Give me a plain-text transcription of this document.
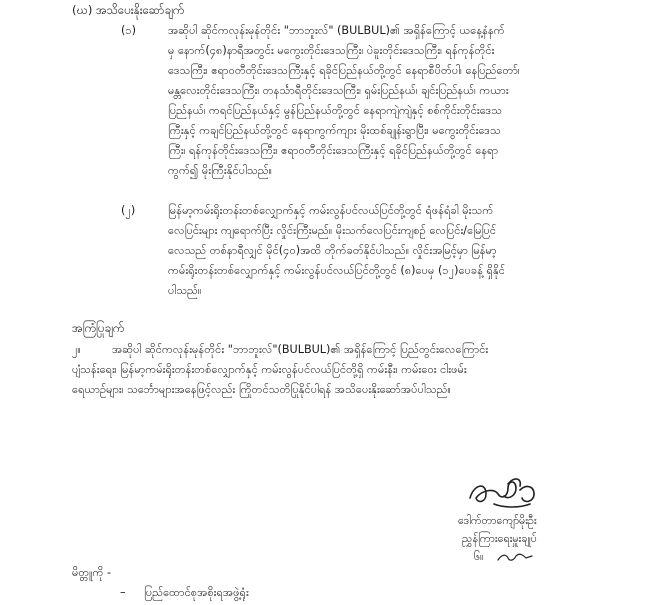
(ဃ) အသိပေးနိုးဆော်ချက်
(၁)	အဆိုပါ ဆိုင်ကလုန်းမုန်တိုင်း "ဘာဘူးလ်" (BULBUL)၏ အရှိန်ကြောင့် ယနေ့နံနက်
မှ နောက်(၄၈)နာရီအတွင်း မကွေးတိုင်းဒေသကြီး၊ ပဲခူးတိုင်းဒေသကြီး၊ ရန်ကုန်တိုင်း
ဒေသကြီး၊ ဧရာဝတီတိုင်းဒေသကြီးနှင့် ရခိုင်ပြည်နယ်တို့တွင် နေရာစီပိတ်ပါ၊ နေပြည်တော်၊
မန္တလေးတိုင်းဒေသကြီး၊ တနင်္သာရီတိုင်းဒေသကြီး၊ ရှမ်းပြည်နယ်၊ ချင်းပြည်နယ်၊ ကယား
ပြည်နယ်၊ ကရင်ပြည်နယ်နှင့် မွန်ပြည်နယ်တို့တွင် နေရာကျဲကျဲနှင့် စစ်ကိုင်းတိုင်းဒေသ
ကြီးနှင့် ကချင်ပြည်နယ်တို့တွင် နေရာကွက်ကျား မိုးထစ်ချုန်းရွာပြီး၊ မကွေးတိုင်းဒေသ
ကြီး၊ ရန်ကုန်တိုင်းဒေသကြီး၊ ဧရာဝတီတိုင်းဒေသကြီးနှင့် ရခိုင်ပြည်နယ်တို့တွင် နေရာ
ကွက်၍ မိုးကြီးနိုင်ပါသည်။
(၂)	မြန်မာ့ကမ်းရိုးတန်းတစ်လျှောက်နှင့် ကမ်းလွန်ပင်လယ်ပြင်တို့တွင် ရံဖန်ရံခါ မိုးသက်
လေပြင်းများ ကျရောက်ပြီး လှိုင်းကြီးမည်။ မိုးသက်လေပြင်းကျစဉ် လေပြင်း/မြေပြင်
လေသည် တစ်နာရီလျှင် မိုင်(၄၀)အထိ တိုက်ခတ်နိုင်ပါသည်။ လှိုင်းအမြင့်မှာ မြန်မာ့
ကမ်းရိုးတန်းတစ်လျှောက်နှင့် ကမ်းလွန်ပင်လယ်ပြင်တို့တွင် (၈)ပေမှ (၁၂)ပေခန့် ရှိနိုင်
ပါသည်။
အကြံပြုချက်
၂။	အဆိုပါ ဆိုင်ကလုန်းမုန်တိုင်း "ဘာဘူးလ်"(BULBUL)၏ အရှိန်ကြောင့် ပြည်တွင်းလေကြောင်း
ပျံသန်းရေး၊ မြန်မာ့ကမ်းရိုးတန်းတစ်လျှောက်နှင့် ကမ်းလွန်ပင်လယ်ပြင်တို့ရှိ ကမ်းနီး၊ ကမ်းဝေး ငါးဖမ်း
ရေယာဉ်များ၊ သင်္ဘောများအနေဖြင့်လည်း ကြိုတင်သတိပြုနိုင်ပါရန် အသိပေးနိုးဆော်အပ်ပါသည်။
ဒေါက်တာကျော်မိုးဦး
ညွှန်ကြားရေးမှူးချုပ်
၆။
မိတ္တူကို -
– ပြည်ထောင်စုအစိုးရအဖွဲ့ရုံး
